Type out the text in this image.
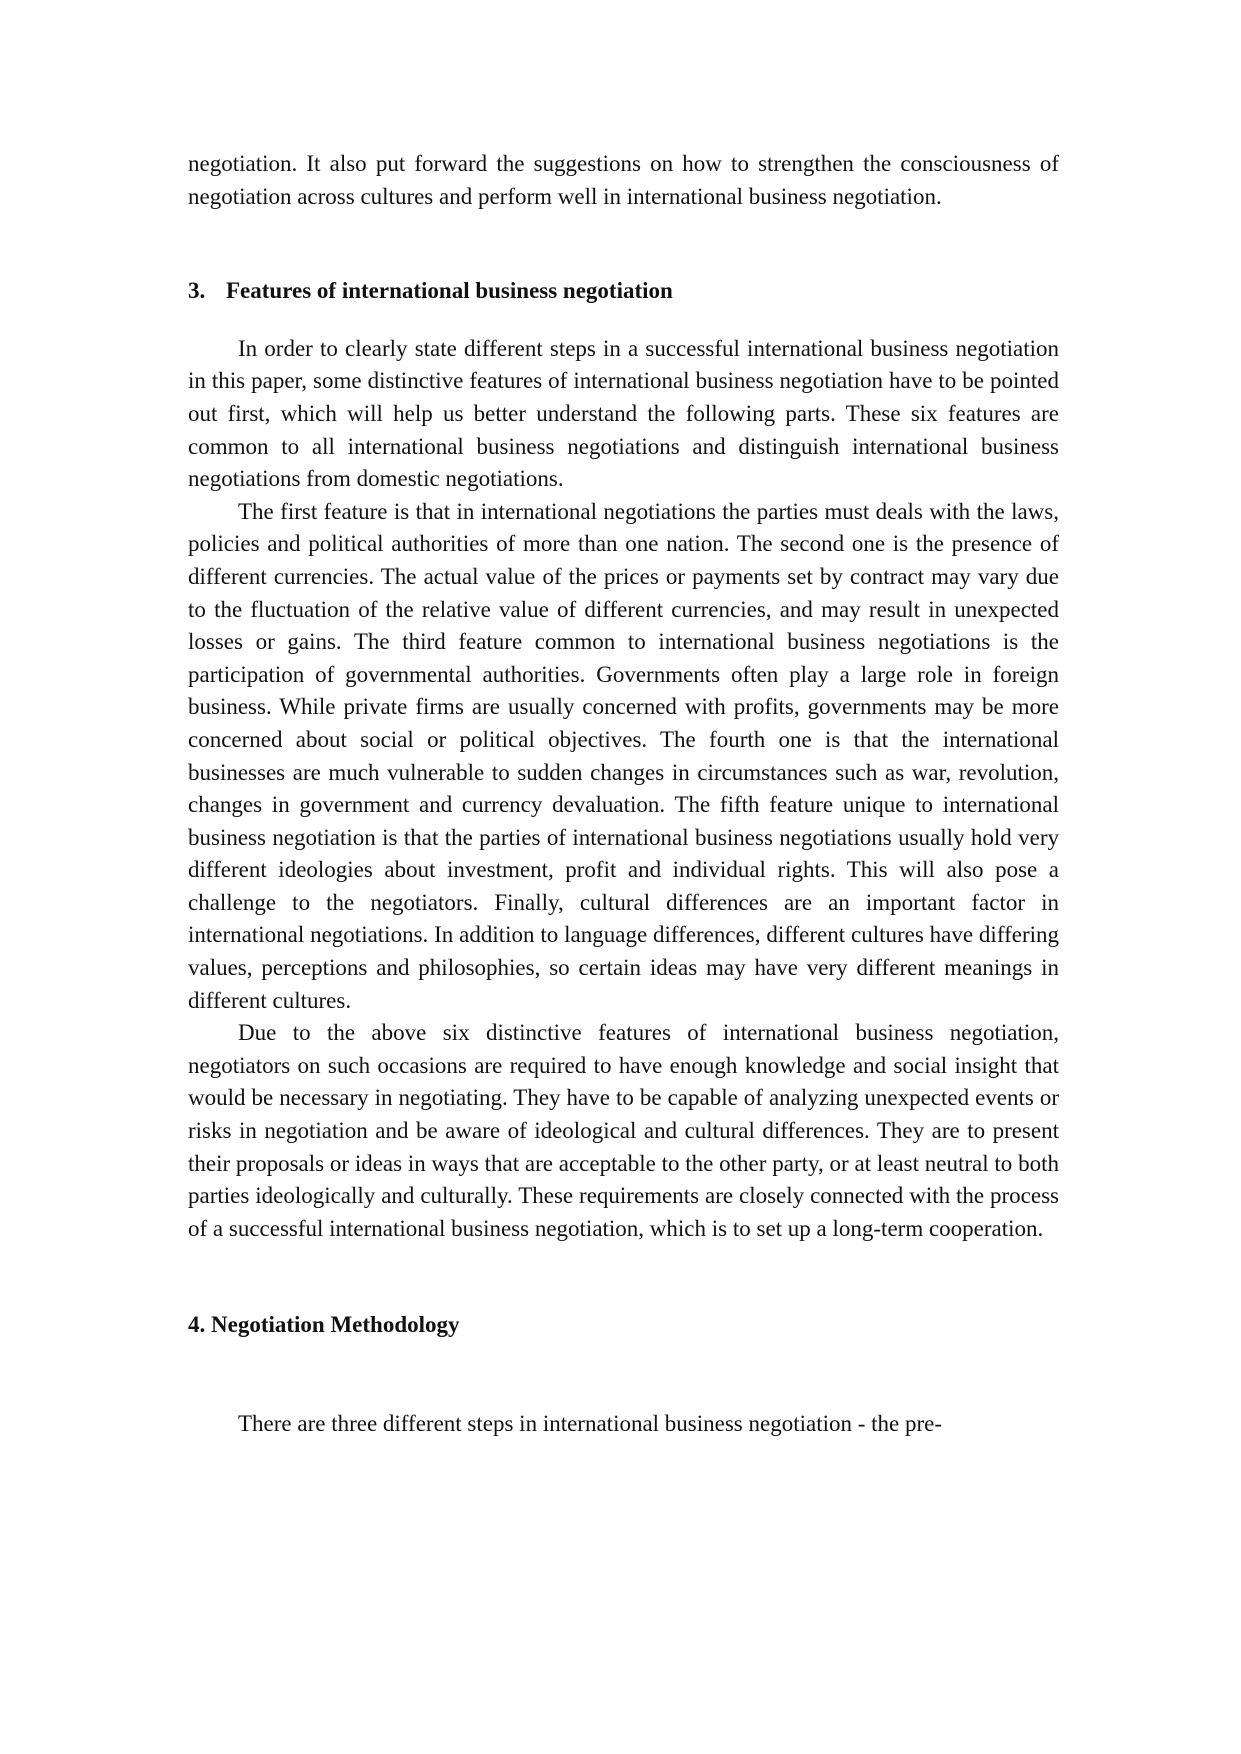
negotiation. It also put forward the suggestions on how to strengthen the consciousness of negotiation across cultures and perform well in international business negotiation.

3. Features of international business negotiation

In order to clearly state different steps in a successful international business negotiation in this paper, some distinctive features of international business negotiation have to be pointed out first, which will help us better understand the following parts. These six features are common to all international business negotiations and distinguish international business negotiations from domestic negotiations.

The first feature is that in international negotiations the parties must deals with the laws, policies and political authorities of more than one nation. The second one is the presence of different currencies. The actual value of the prices or payments set by contract may vary due to the fluctuation of the relative value of different currencies, and may result in unexpected losses or gains. The third feature common to international business negotiations is the participation of governmental authorities. Governments often play a large role in foreign business. While private firms are usually concerned with profits, governments may be more concerned about social or political objectives. The fourth one is that the international businesses are much vulnerable to sudden changes in circumstances such as war, revolution, changes in government and currency devaluation. The fifth feature unique to international business negotiation is that the parties of international business negotiations usually hold very different ideologies about investment, profit and individual rights. This will also pose a challenge to the negotiators. Finally, cultural differences are an important factor in international negotiations. In addition to language differences, different cultures have differing values, perceptions and philosophies, so certain ideas may have very different meanings in different cultures.

Due to the above six distinctive features of international business negotiation, negotiators on such occasions are required to have enough knowledge and social insight that would be necessary in negotiating. They have to be capable of analyzing unexpected events or risks in negotiation and be aware of ideological and cultural differences. They are to present their proposals or ideas in ways that are acceptable to the other party, or at least neutral to both parties ideologically and culturally. These requirements are closely connected with the process of a successful international business negotiation, which is to set up a long-term cooperation.

4. Negotiation Methodology

There are three different steps in international business negotiation - the pre-
